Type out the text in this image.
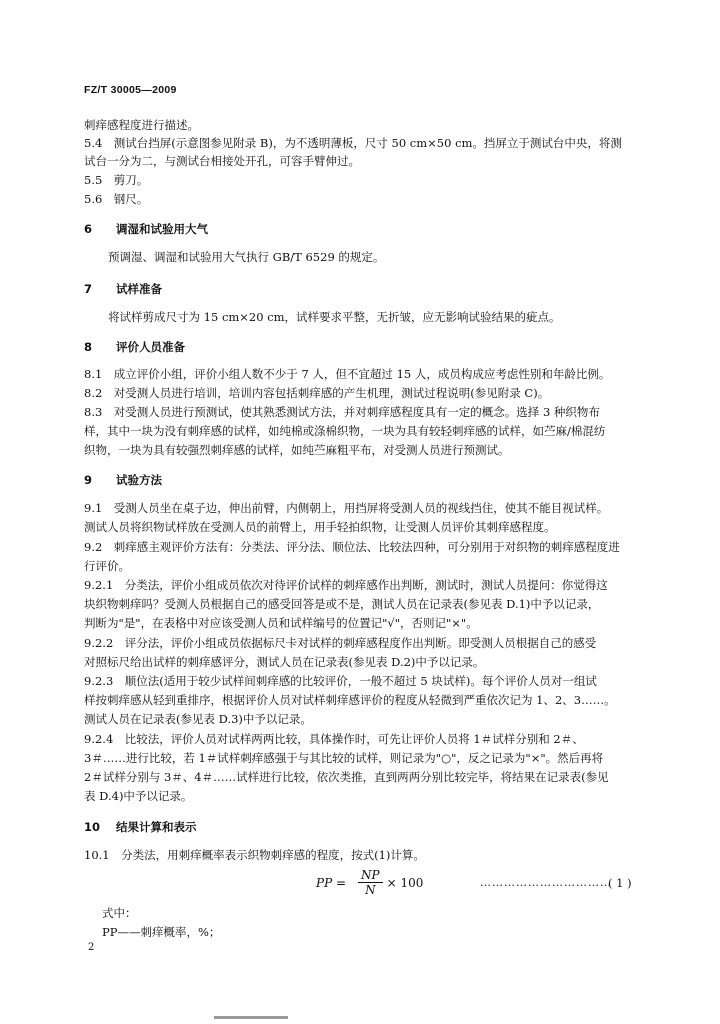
FZ/T 30005—2009
刺痒感程度进行描述。
5.4　测试台挡屏(示意图参见附录 B)，为不透明薄板，尺寸 50 cm×50 cm。挡屏立于测试台中央，将测
试台一分为二，与测试台相接处开孔，可容手臂伸过。
5.5　剪刀。
5.6　钢尺。
6 调湿和试验用大气
预调湿、调湿和试验用大气执行 GB/T 6529 的规定。
7 试样准备
将试样剪成尺寸为 15 cm×20 cm，试样要求平整，无折皱，应无影响试验结果的疵点。
8 评价人员准备
8.1　成立评价小组，评价小组人数不少于 7 人，但不宜超过 15 人，成员构成应考虑性别和年龄比例。
8.2　对受测人员进行培训，培训内容包括刺痒感的产生机理，测试过程说明(参见附录 C)。
8.3　对受测人员进行预测试，使其熟悉测试方法，并对刺痒感程度具有一定的概念。选择 3 种织物布
样，其中一块为没有刺痒感的试样，如纯棉或涤棉织物，一块为具有较轻刺痒感的试样，如苎麻/棉混纺
织物，一块为具有较强烈刺痒感的试样，如纯苎麻粗平布，对受测人员进行预测试。
9 试验方法
9.1　受测人员坐在桌子边，伸出前臂，内侧朝上，用挡屏将受测人员的视线挡住，使其不能目视试样。
测试人员将织物试样放在受测人员的前臂上，用手轻拍织物，让受测人员评价其刺痒感程度。
9.2　刺痒感主观评价方法有：分类法、评分法、顺位法、比较法四种，可分别用于对织物的刺痒感程度进
行评价。
9.2.1　分类法，评价小组成员依次对待评价试样的刺痒感作出判断，测试时，测试人员提问：你觉得这
块织物刺痒吗？受测人员根据自己的感受回答是或不是，测试人员在记录表(参见表 D.1)中予以记录，
判断为"是"，在表格中对应该受测人员和试样编号的位置记"√"，否则记"×"。
9.2.2　评分法，评价小组成员依据标尺卡对试样的刺痒感程度作出判断。即受测人员根据自己的感受
对照标尺给出试样的刺痒感评分，测试人员在记录表(参见表 D.2)中予以记录。
9.2.3　顺位法(适用于较少试样间刺痒感的比较评价，一般不超过 5 块试样)。每个评价人员对一组试
样按刺痒感从轻到重排序，根据评价人员对试样刺痒感评价的程度从轻微到严重依次记为 1、2、3……。
测试人员在记录表(参见表 D.3)中予以记录。
9.2.4　比较法，评价人员对试样两两比较，具体操作时，可先让评价人员将 1＃试样分别和 2＃、
3＃……进行比较，若 1＃试样刺痒感强于与其比较的试样，则记录为"○"，反之记录为"×"。然后再将
2＃试样分别与 3＃、4＃……试样进行比较，依次类推，直到两两分别比较完毕，将结果在记录表(参见
表 D.4)中予以记录。
10 结果计算和表示
10.1　分类法，用刺痒概率表示织物刺痒感的程度，按式(1)计算。
PP = $\frac{NP}{N} \times 100$	……………………………
( 1 )
式中：
PP——刺痒概率，%；
2
